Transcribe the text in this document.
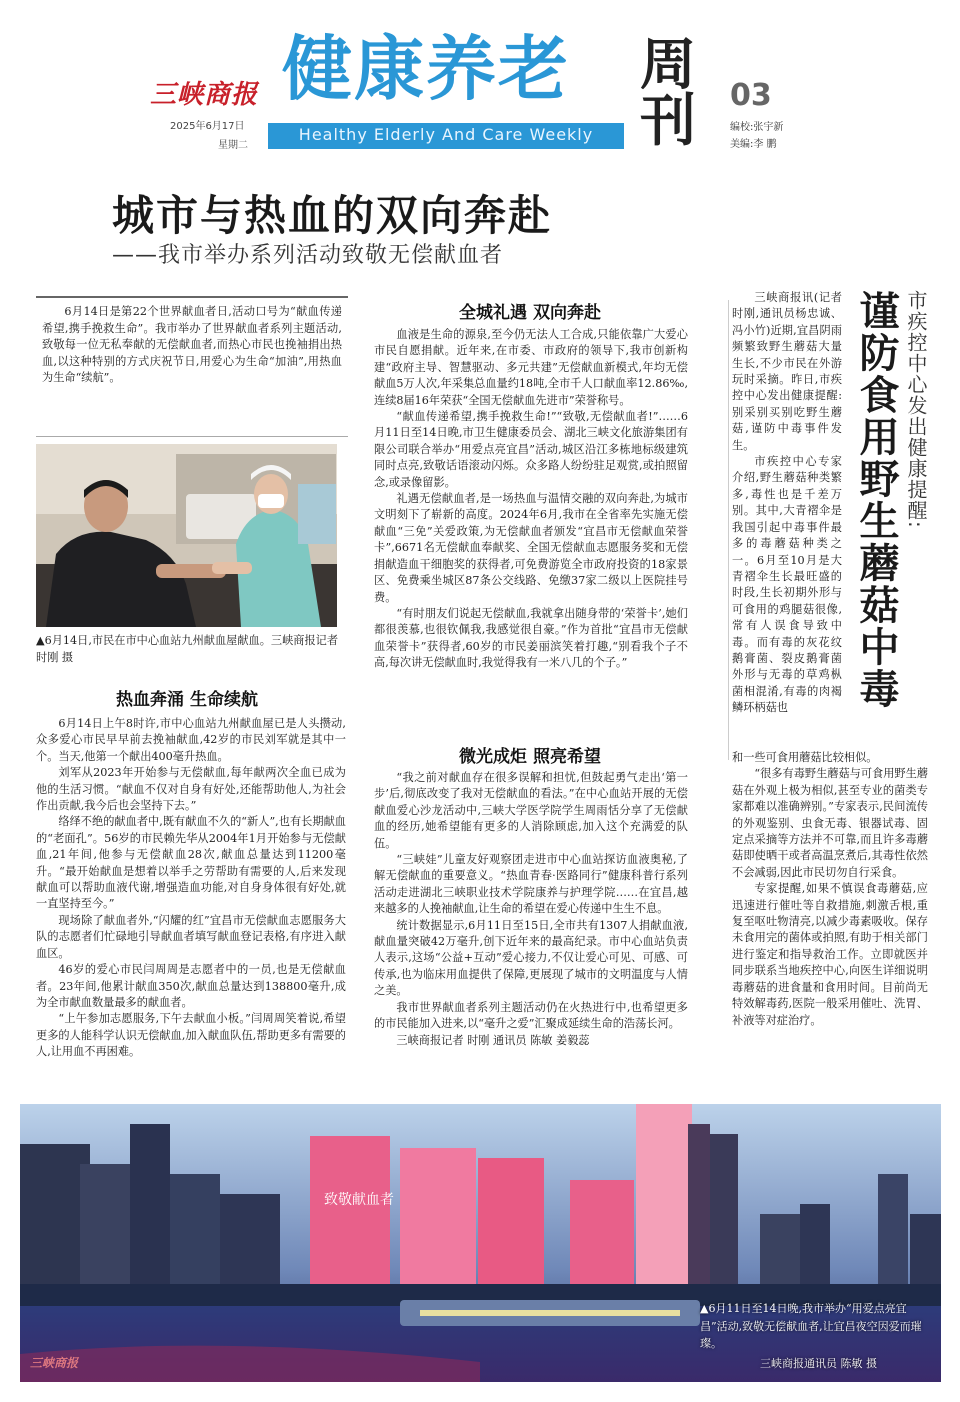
三峡商报
2025年6月17日
星期二
健康养老
Healthy Elderly And Care Weekly
周刊	03
编校:张宇新
美编:李 鹏
城市与热血的双向奔赴
——我市举办系列活动致敬无偿献血者
6月14日是第22个世界献血者日,活动口号为“献血传递希望,携手挽救生命”。我市举办了世界献血者系列主题活动,致敬每一位无私奉献的无偿献血者,而热心市民也挽袖捐出热血,以这种特别的方式庆祝节日,用爱心为生命“加油”,用热血为生命“续航”。
▲6月14日,市民在市中心血站九州献血屋献血。三峡商报记者 时刚 摄
热血奔涌 生命续航

6月14日上午8时许,市中心血站九州献血屋已是人头攒动,众多爱心市民早早前去挽袖献血,42岁的市民刘军就是其中一个。当天,他第一个献出400毫升热血。

刘军从2023年开始参与无偿献血,每年献两次全血已成为他的生活习惯。“献血不仅对自身有好处,还能帮助他人,为社会作出贡献,我今后也会坚持下去。”

络绎不绝的献血者中,既有献血不久的“新人”,也有长期献血的“老面孔”。56岁的市民赖先华从2004年1月开始参与无偿献血,21年间,他参与无偿献血28次,献血总量达到11200毫升。“最开始献血是想着以举手之劳帮助有需要的人,后来发现献血可以帮助血液代谢,增强造血功能,对自身身体很有好处,就一直坚持至今。”

现场除了献血者外,“闪耀的红”宜昌市无偿献血志愿服务大队的志愿者们忙碌地引导献血者填写献血登记表格,有序进入献血区。

46岁的爱心市民闫周周是志愿者中的一员,也是无偿献血者。23年间,他累计献血350次,献血总量达到138800毫升,成为全市献血数量最多的献血者。

“上午参加志愿服务,下午去献血小板。”闫周周笑着说,希望更多的人能科学认识无偿献血,加入献血队伍,帮助更多有需要的人,让用血不再困难。

全城礼遇 双向奔赴

血液是生命的源泉,至今仍无法人工合成,只能依靠广大爱心市民自愿捐献。近年来,在市委、市政府的领导下,我市创新构建“政府主导、智慧驱动、多元共建”无偿献血新模式,年均无偿献血5万人次,年采集总血量约18吨,全市千人口献血率12.86‰,连续8届16年荣获“全国无偿献血先进市”荣誉称号。

“献血传递希望,携手挽救生命!”“致敬,无偿献血者!”……6月11日至14日晚,市卫生健康委员会、湖北三峡文化旅游集团有限公司联合举办“用爱点亮宜昌”活动,城区沿江多栋地标级建筑同时点亮,致敬话语滚动闪烁。众多路人纷纷驻足观赏,或拍照留念,或录像留影。

礼遇无偿献血者,是一场热血与温情交融的双向奔赴,为城市文明刻下了崭新的高度。2024年6月,我市在全省率先实施无偿献血“三免”关爱政策,为无偿献血者颁发“宜昌市无偿献血荣誉卡”,6671名无偿献血奉献奖、全国无偿献血志愿服务奖和无偿捐献造血干细胞奖的获得者,可免费游览全市政府投资的18家景区、免费乘坐城区87条公交线路、免缴37家二级以上医院挂号费。

“有时朋友们说起无偿献血,我就拿出随身带的‘荣誉卡’,她们都很羡慕,也很钦佩我,我感觉很自豪。”作为首批“宜昌市无偿献血荣誉卡”获得者,60岁的市民姜丽滨笑着打趣,“别看我个子不高,每次讲无偿献血时,我觉得我有一米八几的个子。”

微光成炬 照亮希望

“我之前对献血存在很多误解和担忧,但鼓起勇气走出‘第一步’后,彻底改变了我对无偿献血的看法。”在中心血站开展的无偿献血爱心沙龙活动中,三峡大学医学院学生周雨恬分享了无偿献血的经历,她希望能有更多的人消除顾虑,加入这个充满爱的队伍。

“三峡娃”儿童友好观察团走进市中心血站探访血液奥秘,了解无偿献血的重要意义。“热血青春·医路同行”健康科普行系列活动走进湖北三峡职业技术学院康养与护理学院……在宜昌,越来越多的人挽袖献血,让生命的希望在爱心传递中生生不息。

统计数据显示,6月11日至15日,全市共有1307人捐献血液,献血量突破42万毫升,创下近年来的最高纪录。市中心血站负责人表示,这场“公益+互动”爱心接力,不仅让爱心可见、可感、可传承,也为临床用血提供了保障,更展现了城市的文明温度与人情之美。

我市世界献血者系列主题活动仍在火热进行中,也希望更多的市民能加入进来,以“毫升之爱”汇聚成延续生命的浩荡长河。

三峡商报记者 时刚 通讯员 陈敏 姜毅蕊

市疾控中心发出健康提醒:
谨防食用野生蘑菇中毒

三峡商报讯(记者时刚,通讯员杨忠诚、冯小竹)近期,宜昌阴雨频繁致野生蘑菇大量生长,不少市民在外游玩时采摘。昨日,市疾控中心发出健康提醒:别采别买别吃野生蘑菇,谨防中毒事件发生。

市疾控中心专家介绍,野生蘑菇种类繁多,毒性也是千差万别。其中,大青褶伞是我国引起中毒事件最多的毒蘑菇种类之一。6月至10月是大青褶伞生长最旺盛的时段,生长初期外形与可食用的鸡腿菇很像,常有人误食导致中毒。而有毒的灰花纹鹅膏菌、裂皮鹅膏菌外形与无毒的草鸡枞菌相混淆,有毒的肉褐鳞环柄菇也

和一些可食用蘑菇比较相似。

“很多有毒野生蘑菇与可食用野生蘑菇在外观上极为相似,甚至专业的菌类专家都难以准确辨别。”专家表示,民间流传的外观鉴别、虫食无毒、银器试毒、固定点采摘等方法并不可靠,而且许多毒蘑菇即使晒干或者高温烹煮后,其毒性依然不会减弱,因此市民切勿自行采食。

专家提醒,如果不慎误食毒蘑菇,应迅速进行催吐等自救措施,刺激舌根,重复至呕吐物清亮,以减少毒素吸收。保存未食用完的菌体或拍照,有助于相关部门进行鉴定和指导救治工作。立即就医并同步联系当地疾控中心,向医生详细说明毒蘑菇的进食量和食用时间。目前尚无特效解毒药,医院一般采用催吐、洗胃、补液等对症治疗。

致敬献血者
▲6月11日至14日晚,我市举办“用爱点亮宜昌”活动,致敬无偿献血者,让宜昌夜空因爱而璀璨。
三峡商报通讯员 陈敏 摄
三峡商报
